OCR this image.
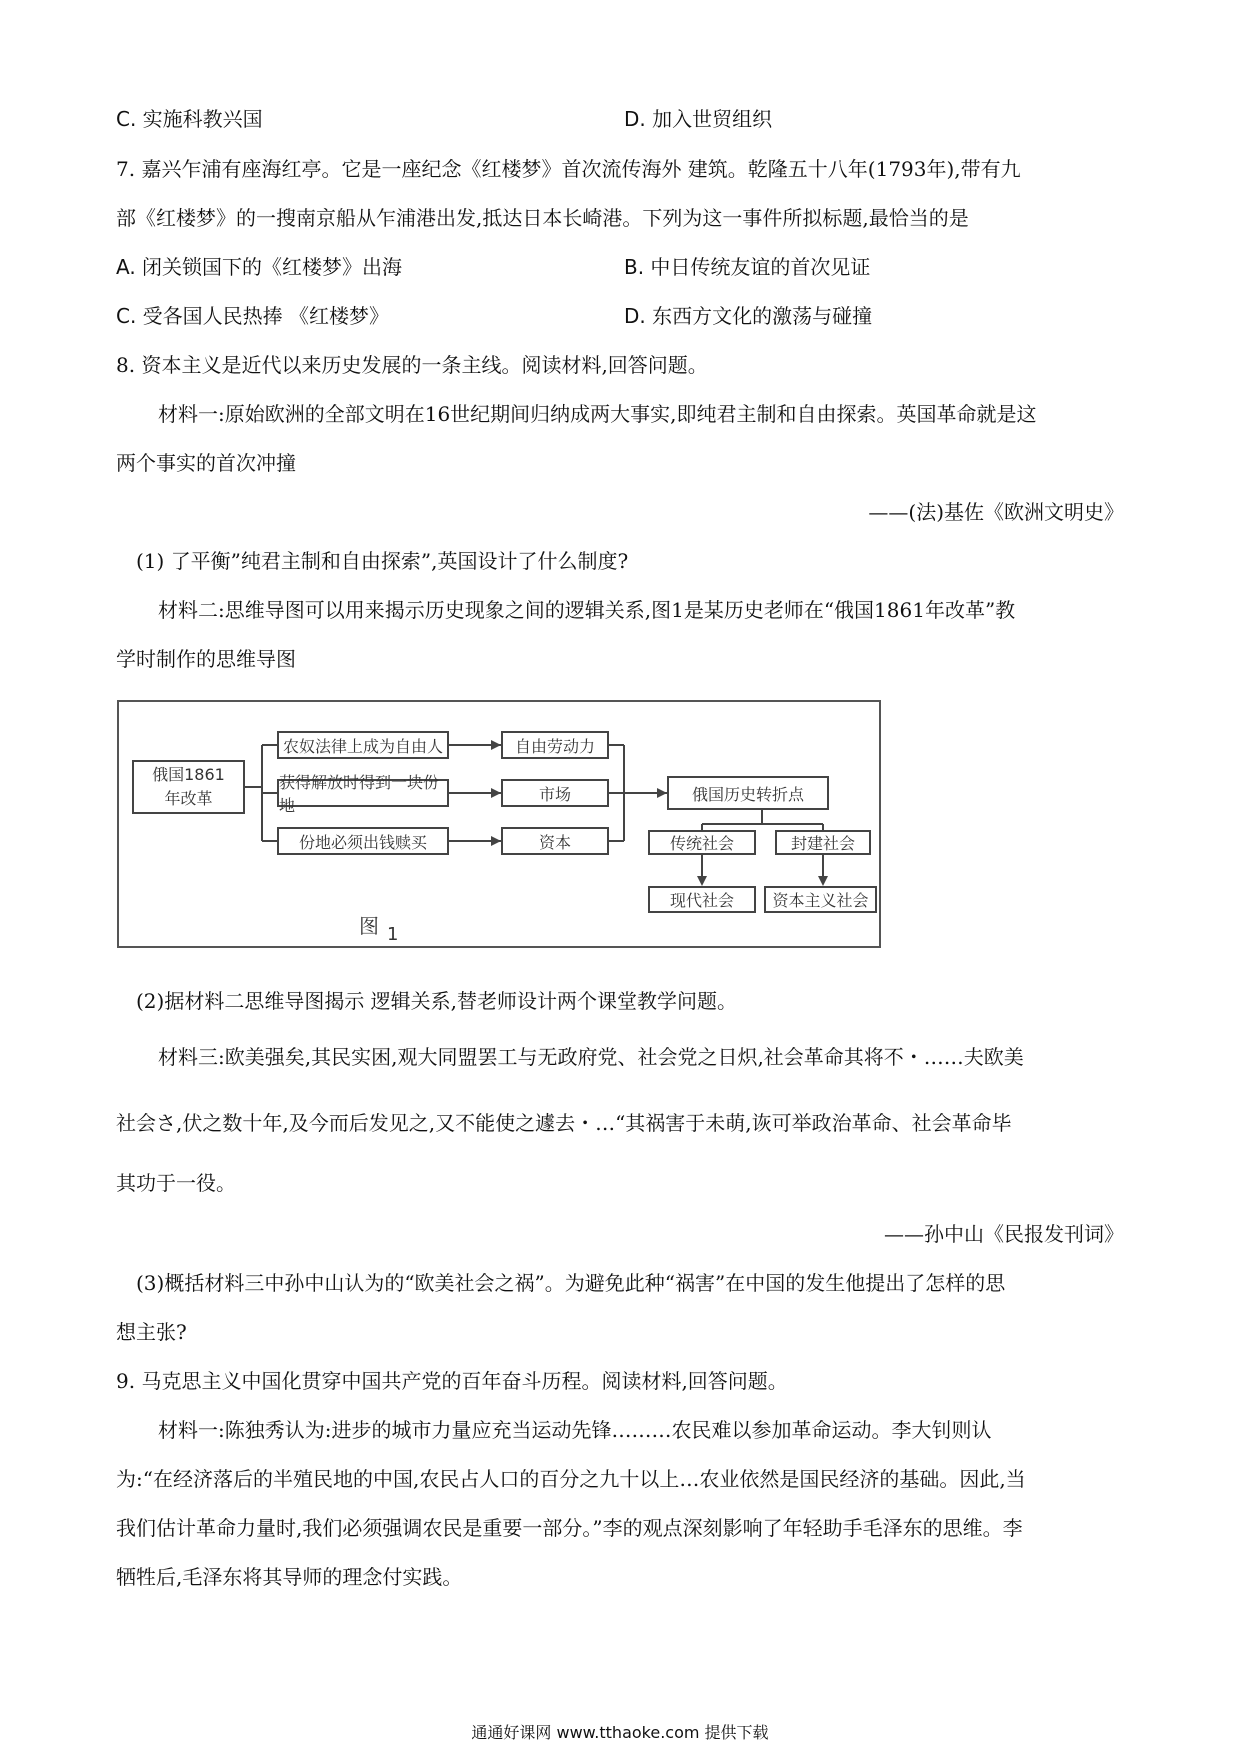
C. 实施科教兴国	D. 加入世贸组织
7. 嘉兴乍浦有座海红亭。它是一座纪念《红楼梦》首次流传海外 建筑。乾隆五十八年(1793年),带有九
部《红楼梦》的一搜南京船从乍浦港出发,抵达日本长崎港。下列为这一事件所拟标题,最恰当的是
A. 闭关锁国下的《红楼梦》出海	B. 中日传统友谊的首次见证
C. 受各国人民热捧 《红楼梦》	D. 东西方文化的激荡与碰撞
8. 资本主义是近代以来历史发展的一条主线。阅读材料,回答问题。
材料一:原始欧洲的全部文明在16世纪期间归纳成两大事实,即纯君主制和自由探索。英国革命就是这
两个事实的首次冲撞
——(法)基佐《欧洲文明史》
(1) 了平衡”纯君主制和自由探索”,英国设计了什么制度?
材料二:思维导图可以用来揭示历史现象之间的逻辑关系,图1是某历史老师在“俄国1861年改革”教
学时制作的思维导图
俄国1861
年改革
农奴法律上成为自由人
获得解放时得到一块份地
份地必须出钱赎买
自由劳动力
市场
资本
俄国历史转折点
传统社会	封建社会
现代社会	资本主义社会
图 1
(2)据材料二思维导图揭示 逻辑关系,替老师设计两个课堂教学问题。
材料三:欧美强矣,其民实困,观大同盟罢工与无政府党、社会党之日炽,社会革命其将不・……夫欧美
社会さ,伏之数十年,及今而后发见之,又不能使之遽去・…“其祸害于未萌,诙可举政治革命、社会革命毕
其功于一役。
——孙中山《民报发刊词》
(3)概括材料三中孙中山认为的“欧美社会之祸”。为避免此种“祸害”在中国的发生他提出了怎样的思
想主张?
9. 马克思主义中国化贯穿中国共产党的百年奋斗历程。阅读材料,回答问题。
材料一:陈独秀认为:进步的城市力量应充当运动先锋………农民难以参加革命运动。李大钊则认
为:“在经济落后的半殖民地的中国,农民占人口的百分之九十以上…农业依然是国民经济的基础。因此,当
我们估计革命力量时,我们必须强调农民是重要一部分。”李的观点深刻影响了年轻助手毛泽东的思维。李
牺牲后,毛泽东将其导师的理念付实践。
通通好课网 www.tthaoke.com 提供下载
